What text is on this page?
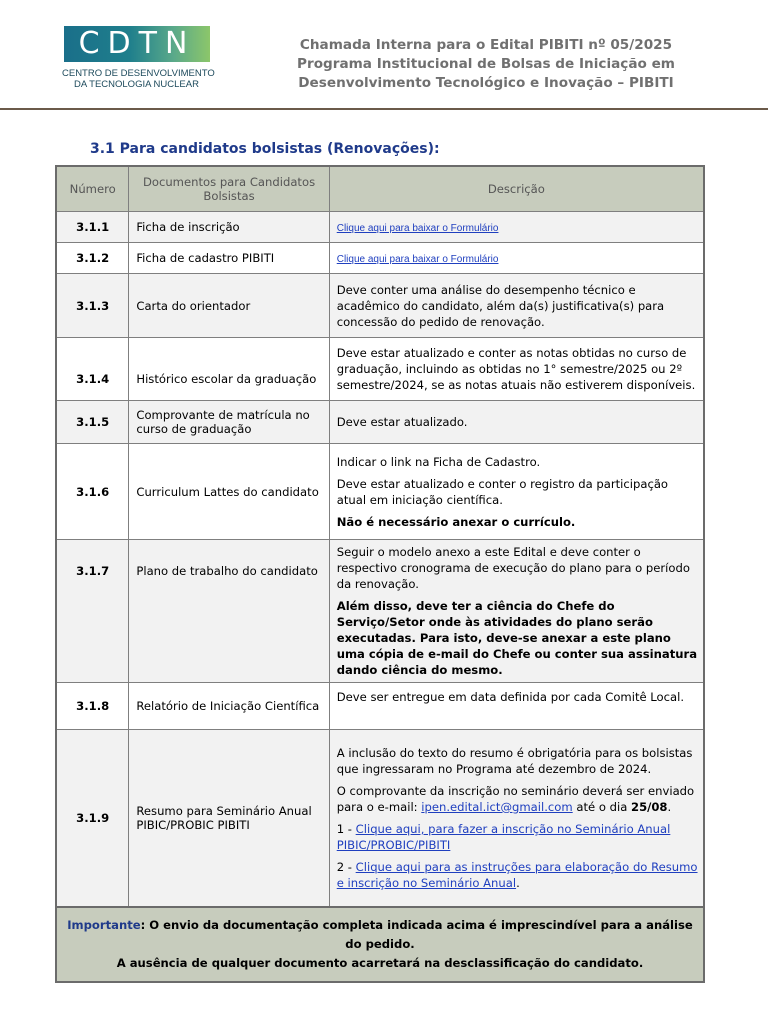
CDTN
CENTRO DE DESENVOLVIMENTO
DA TECNOLOGIA NUCLEAR
Chamada Interna para o Edital PIBITI nº 05/2025
Programa Institucional de Bolsas de Iniciação em
Desenvolvimento Tecnológico e Inovação – PIBITI
3.1 Para candidatos bolsistas (Renovações):
Número	Documentos para Candidatos Bolsistas	Descrição
3.1.1	Ficha de inscrição	Clique aqui para baixar o Formulário
3.1.2	Ficha de cadastro PIBITI	Clique aqui para baixar o Formulário
3.1.3	Carta do orientador	Deve conter uma análise do desempenho técnico e acadêmico do candidato, além da(s) justificativa(s) para concessão do pedido de renovação.

3.1.4	Histórico escolar da graduação	Deve estar atualizado e conter as notas obtidas no curso de graduação, incluindo as obtidas no 1° semestre/2025 ou 2º semestre/2024, se as notas atuais não estiverem disponíveis.

3.1.5	Comprovante de matrícula no curso de graduação	Deve estar atualizado.

3.1.6	Curriculum Lattes do candidato	Indicar o link na Ficha de Cadastro.

Deve estar atualizado e conter o registro da participação atual em iniciação científica.

Não é necessário anexar o currículo.

3.1.7	Plano de trabalho do candidato	Seguir o modelo anexo a este Edital e deve conter o respectivo cronograma de execução do plano para o período da renovação.

Além disso, deve ter a ciência do Chefe do Serviço/Setor onde às atividades do plano serão executadas. Para isto, deve-se anexar a este plano uma cópia de e-mail do Chefe ou conter sua assinatura dando ciência do mesmo.

3.1.8	Relatório de Iniciação Científica	Deve ser entregue em data definida por cada Comitê Local.

3.1.9	Resumo para Seminário Anual PIBIC/PROBIC PIBITI	A inclusão do texto do resumo é obrigatória para os bolsistas que ingressaram no Programa até dezembro de 2024.

O comprovante da inscrição no seminário deverá ser enviado para o e-mail: ipen.edital.ict@gmail.com até o dia 25/08.

1 - Clique aqui, para fazer a inscrição no Seminário Anual PIBIC/PROBIC/PIBITI

2 - Clique aqui para as instruções para elaboração do Resumo e inscrição no Seminário Anual.

Importante: O envio da documentação completa indicada acima é imprescindível para a análise do pedido.
A ausência de qualquer documento acarretará na desclassificação do candidato.		
